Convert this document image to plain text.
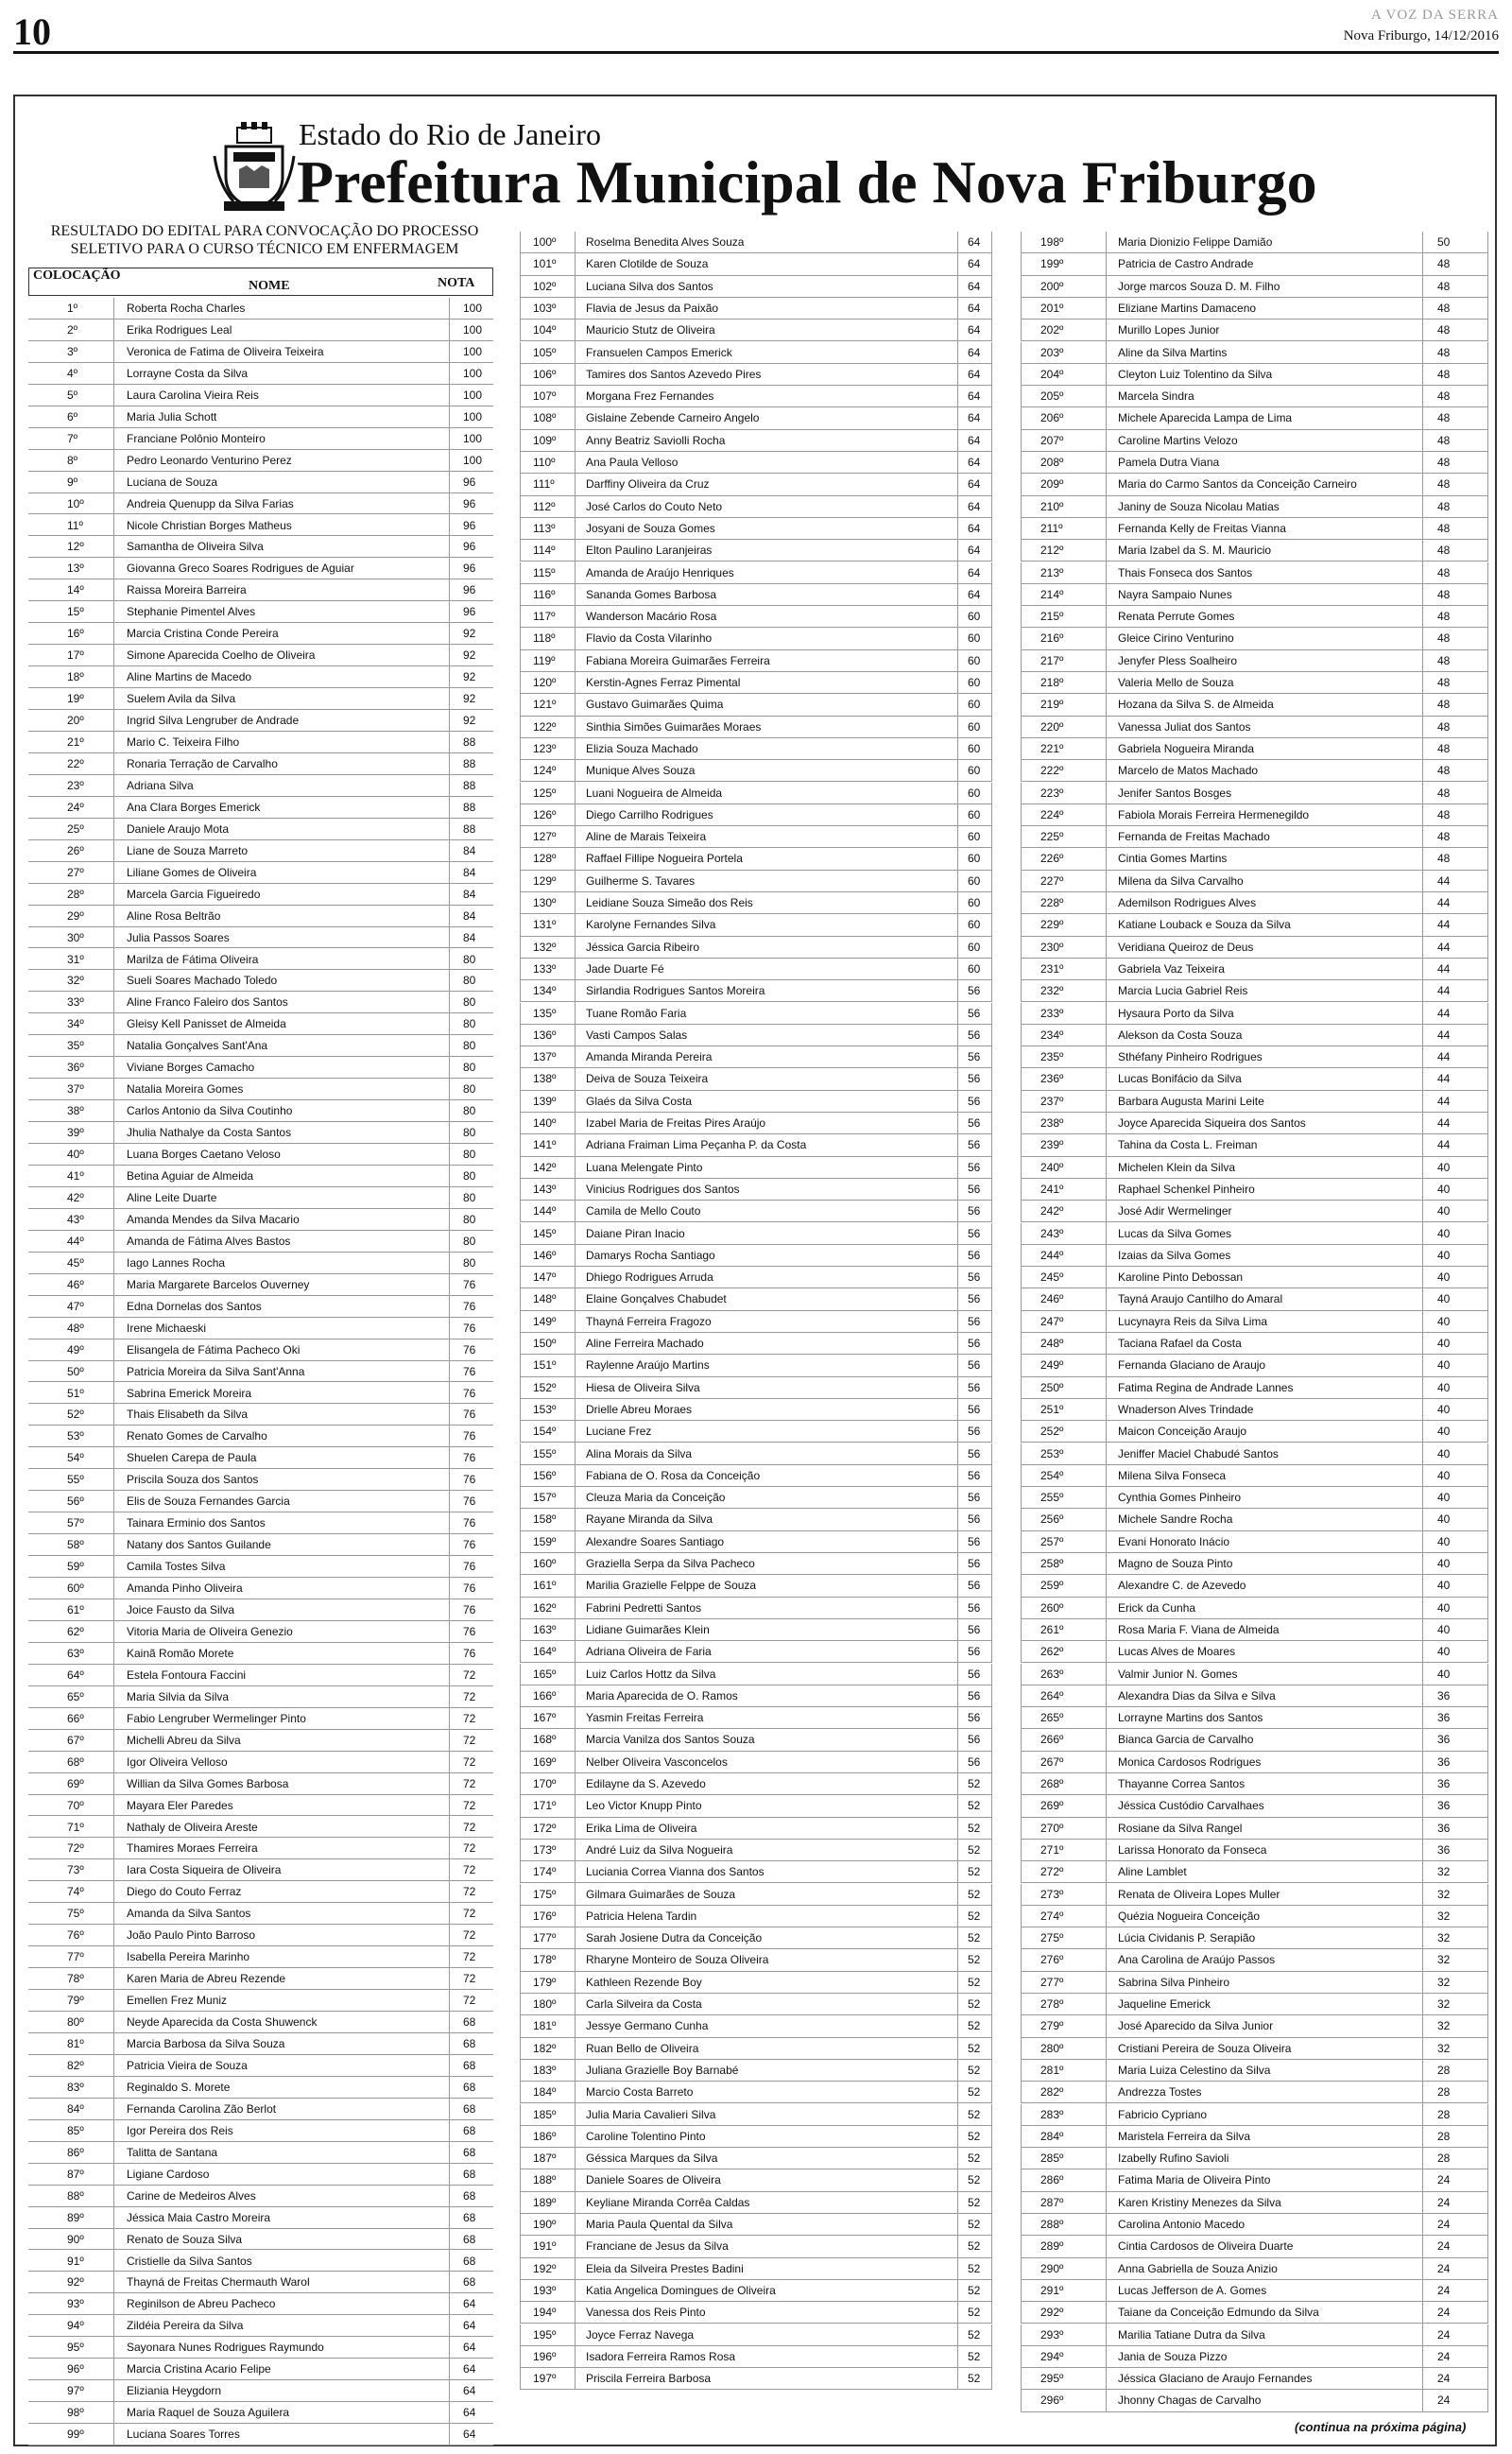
10	A VOZ DA SERRA
Nova Friburgo, 14/12/2016
Estado do Rio de Janeiro
Prefeitura Municipal de Nova Friburgo
RESULTADO DO EDITAL PARA CONVOCAÇÃO DO PROCESSO
SELETIVO PARA O CURSO TÉCNICO EM ENFERMAGEM
COLOCAÇÃO
NOME	NOTA
1º	Roberta Rocha Charles	100
2º	Erika Rodrigues Leal	100
3º	Veronica de Fatima de Oliveira Teixeira	100
4º	Lorrayne Costa da Silva	100
5º	Laura Carolina Vieira Reis	100
6º	Maria Julia Schott	100
7º	Franciane Polônio Monteiro	100
8º	Pedro Leonardo Venturino Perez	100
9º	Luciana de Souza	96
10º	Andreia Quenupp da Silva Farias	96
11º	Nicole Christian Borges Matheus	96
12º	Samantha de Oliveira Silva	96
13º	Giovanna Greco Soares Rodrigues de Aguiar	96
14º	Raissa Moreira Barreira	96
15º	Stephanie Pimentel Alves	96
16º	Marcia Cristina Conde Pereira	92
17º	Simone Aparecida Coelho de Oliveira	92
18º	Aline Martins de Macedo	92
19º	Suelem Avila da Silva	92
20º	Ingrid Silva Lengruber de Andrade	92
21º	Mario C. Teixeira Filho	88
22º	Ronaria Terração de Carvalho	88
23º	Adriana Silva	88
24º	Ana Clara Borges Emerick	88
25º	Daniele Araujo Mota	88
26º	Liane de Souza Marreto	84
27º	Liliane Gomes de Oliveira	84
28º	Marcela Garcia Figueiredo	84
29º	Aline Rosa Beltrão	84
30º	Julia Passos Soares	84
31º	Marilza de Fátima Oliveira	80
32º	Sueli Soares Machado Toledo	80
33º	Aline Franco Faleiro dos Santos	80
34º	Gleisy Kell Panisset de Almeida	80
35º	Natalia Gonçalves Sant'Ana	80
36º	Viviane Borges Camacho	80
37º	Natalia Moreira Gomes	80
38º	Carlos Antonio da Silva Coutinho	80
39º	Jhulia Nathalye da Costa Santos	80
40º	Luana Borges Caetano Veloso	80
41º	Betina Aguiar de Almeida	80
42º	Aline Leite Duarte	80
43º	Amanda Mendes da Silva Macario	80
44º	Amanda de Fátima Alves Bastos	80
45º	Iago Lannes Rocha	80
46º	Maria Margarete Barcelos Ouverney	76
47º	Edna Dornelas dos Santos	76
48º	Irene Michaeski	76
49º	Elisangela de Fátima Pacheco Oki	76
50º	Patricia Moreira da Silva Sant'Anna	76
51º	Sabrina Emerick Moreira	76
52º	Thais Elisabeth da Silva	76
53º	Renato Gomes de Carvalho	76
54º	Shuelen Carepa de Paula	76
55º	Priscila Souza dos Santos	76
56º	Elis de Souza Fernandes Garcia	76
57º	Tainara Erminio dos Santos	76
58º	Natany dos Santos Guilande	76
59º	Camila Tostes Silva	76
60º	Amanda Pinho Oliveira	76
61º	Joice Fausto da Silva	76
62º	Vitoria Maria de Oliveira Genezio	76
63º	Kainã Romão Morete	76
64º	Estela Fontoura Faccini	72
65º	Maria Silvia da Silva	72
66º	Fabio Lengruber Wermelinger Pinto	72
67º	Michelli Abreu da Silva	72
68º	Igor Oliveira Velloso	72
69º	Willian da Silva Gomes Barbosa	72
70º	Mayara Eler Paredes	72
71º	Nathaly de Oliveira Areste	72
72º	Thamires Moraes Ferreira	72
73º	Iara Costa Siqueira de Oliveira	72
74º	Diego do Couto Ferraz	72
75º	Amanda da Silva Santos	72
76º	João Paulo Pinto Barroso	72
77º	Isabella Pereira Marinho	72
78º	Karen Maria de Abreu Rezende	72
79º	Emellen Frez Muniz	72
80º	Neyde Aparecida da Costa Shuwenck	68
81º	Marcia Barbosa da Silva Souza	68
82º	Patricia Vieira de Souza	68
83º	Reginaldo S. Morete	68
84º	Fernanda Carolina Zão Berlot	68
85º	Igor Pereira dos Reis	68
86º	Talitta de Santana	68
87º	Ligiane Cardoso	68
88º	Carine de Medeiros Alves	68
89º	Jéssica Maia Castro Moreira	68
90º	Renato de Souza Silva	68
91º	Cristielle da Silva Santos	68
92º	Thayná de Freitas Chermauth Warol	68
93º	Reginilson de Abreu Pacheco	64
94º	Zildéia Pereira da Silva	64
95º	Sayonara Nunes Rodrigues Raymundo	64
96º	Marcia Cristina Acario Felipe	64
97º	Eliziania Heygdorn	64
98º	Maria Raquel de Souza Aguilera	64
99º	Luciana Soares Torres	64
100º	Roselma Benedita Alves Souza	64
101º	Karen Clotilde de Souza	64
102º	Luciana Silva dos Santos	64
103º	Flavia de Jesus da Paixão	64
104º	Mauricio Stutz de Oliveira	64
105º	Fransuelen Campos Emerick	64
106º	Tamires dos Santos Azevedo Pires	64
107º	Morgana Frez Fernandes	64
108º	Gislaine Zebende Carneiro Angelo	64
109º	Anny Beatriz Saviolli Rocha	64
110º	Ana Paula Velloso	64
111º	Darffiny Oliveira da Cruz	64
112º	José Carlos do Couto Neto	64
113º	Josyani de Souza Gomes	64
114º	Elton Paulino Laranjeiras	64
115º	Amanda de Araújo Henriques	64
116º	Sananda Gomes Barbosa	64
117º	Wanderson Macário Rosa	60
118º	Flavio da Costa Vilarinho	60
119º	Fabiana Moreira Guimarães Ferreira	60
120º	Kerstin-Agnes Ferraz Pimental	60
121º	Gustavo Guimarães Quima	60
122º	Sinthia Simões Guimarães Moraes	60
123º	Elizia Souza Machado	60
124º	Munique Alves Souza	60
125º	Luani Nogueira de Almeida	60
126º	Diego Carrilho Rodrigues	60
127º	Aline de Marais Teixeira	60
128º	Raffael Fillipe Nogueira Portela	60
129º	Guilherme S. Tavares	60
130º	Leidiane Souza Simeão dos Reis	60
131º	Karolyne Fernandes Silva	60
132º	Jéssica Garcia Ribeiro	60
133º	Jade Duarte Fé	60
134º	Sirlandia Rodrigues Santos Moreira	56
135º	Tuane Romão Faria	56
136º	Vasti Campos Salas	56
137º	Amanda Miranda Pereira	56
138º	Deiva de Souza Teixeira	56
139º	Glaés da Silva Costa	56
140º	Izabel Maria de Freitas Pires Araújo	56
141º	Adriana Fraiman Lima Peçanha P. da Costa	56
142º	Luana Melengate Pinto	56
143º	Vinicius Rodrigues dos Santos	56
144º	Camila de Mello Couto	56
145º	Daiane Piran Inacio	56
146º	Damarys Rocha Santiago	56
147º	Dhiego Rodrigues Arruda	56
148º	Elaine Gonçalves Chabudet	56
149º	Thayná Ferreira Fragozo	56
150º	Aline Ferreira Machado	56
151º	Raylenne Araújo Martins	56
152º	Hiesa de Oliveira Silva	56
153º	Drielle Abreu Moraes	56
154º	Luciane Frez	56
155º	Alina Morais da Silva	56
156º	Fabiana de O. Rosa da Conceição	56
157º	Cleuza Maria da Conceição	56
158º	Rayane Miranda da Silva	56
159º	Alexandre Soares Santiago	56
160º	Graziella Serpa da Silva Pacheco	56
161º	Marilia Grazielle Felppe de Souza	56
162º	Fabrini Pedretti Santos	56
163º	Lidiane Guimarães Klein	56
164º	Adriana Oliveira de Faria	56
165º	Luiz Carlos Hottz da Silva	56
166º	Maria Aparecida de O. Ramos	56
167º	Yasmin Freitas Ferreira	56
168º	Marcia Vanilza dos Santos Souza	56
169º	Nelber Oliveira Vasconcelos	56
170º	Edilayne da S. Azevedo	52
171º	Leo Victor Knupp Pinto	52
172º	Erika Lima de Oliveira	52
173º	André Luiz da Silva Nogueira	52
174º	Luciania Correa Vianna dos Santos	52
175º	Gilmara Guimarães de Souza	52
176º	Patricia Helena Tardin	52
177º	Sarah Josiene Dutra da Conceição	52
178º	Rharyne Monteiro de Souza Oliveira	52
179º	Kathleen Rezende Boy	52
180º	Carla Silveira da Costa	52
181º	Jessye Germano Cunha	52
182º	Ruan Bello de Oliveira	52
183º	Juliana Grazielle Boy Barnabé	52
184º	Marcio Costa Barreto	52
185º	Julia Maria Cavalieri Silva	52
186º	Caroline Tolentino Pinto	52
187º	Géssica Marques da Silva	52
188º	Daniele Soares de Oliveira	52
189º	Keyliane Miranda Corrêa Caldas	52
190º	Maria Paula Quental da Silva	52
191º	Franciane de Jesus da Silva	52
192º	Eleia da Silveira Prestes Badini	52
193º	Katia Angelica Domingues de Oliveira	52
194º	Vanessa dos Reis Pinto	52
195º	Joyce Ferraz Navega	52
196º	Isadora Ferreira Ramos Rosa	52
197º	Priscila Ferreira Barbosa	52
198º	Maria Dionizio Felippe Damião	50
199º	Patricia de Castro Andrade	48
200º	Jorge marcos Souza D. M. Filho	48
201º	Eliziane Martins Damaceno	48
202º	Murillo Lopes Junior	48
203º	Aline da Silva Martins	48
204º	Cleyton Luiz Tolentino da Silva	48
205º	Marcela Sindra	48
206º	Michele Aparecida Lampa de Lima	48
207º	Caroline Martins Velozo	48
208º	Pamela Dutra Viana	48
209º	Maria do Carmo Santos da Conceição Carneiro	48
210º	Janiny de Souza Nicolau Matias	48
211º	Fernanda Kelly de Freitas Vianna	48
212º	Maria Izabel da S. M. Mauricio	48
213º	Thais Fonseca dos Santos	48
214º	Nayra Sampaio Nunes	48
215º	Renata Perrute Gomes	48
216º	Gleice Cirino Venturino	48
217º	Jenyfer Pless Soalheiro	48
218º	Valeria Mello de Souza	48
219º	Hozana da Silva S. de Almeida	48
220º	Vanessa Juliat dos Santos	48
221º	Gabriela Nogueira Miranda	48
222º	Marcelo de Matos Machado	48
223º	Jenifer Santos Bosges	48
224º	Fabiola Morais Ferreira Hermenegildo	48
225º	Fernanda de Freitas Machado	48
226º	Cintia Gomes Martins	48
227º	Milena da Silva Carvalho	44
228º	Ademilson Rodrigues Alves	44
229º	Katiane Louback e Souza da Silva	44
230º	Veridiana Queiroz de Deus	44
231º	Gabriela Vaz Teixeira	44
232º	Marcia Lucia Gabriel Reis	44
233º	Hysaura Porto da Silva	44
234º	Alekson da Costa Souza	44
235º	Sthéfany Pinheiro Rodrigues	44
236º	Lucas Bonifácio da Silva	44
237º	Barbara Augusta Marini Leite	44
238º	Joyce Aparecida Siqueira dos Santos	44
239º	Tahina da Costa L. Freiman	44
240º	Michelen Klein da Silva	40
241º	Raphael Schenkel Pinheiro	40
242º	José Adir Wermelinger	40
243º	Lucas da Silva Gomes	40
244º	Izaias da Silva Gomes	40
245º	Karoline Pinto Debossan	40
246º	Tayná Araujo Cantilho do Amaral	40
247º	Lucynayra Reis da Silva Lima	40
248º	Taciana Rafael da Costa	40
249º	Fernanda Glaciano de Araujo	40
250º	Fatima Regina de Andrade Lannes	40
251º	Wnaderson Alves Trindade	40
252º	Maicon Conceição Araujo	40
253º	Jeniffer Maciel Chabudé Santos	40
254º	Milena Silva Fonseca	40
255º	Cynthia Gomes Pinheiro	40
256º	Michele Sandre Rocha	40
257º	Evani Honorato Inácio	40
258º	Magno de Souza Pinto	40
259º	Alexandre C. de Azevedo	40
260º	Erick da Cunha	40
261º	Rosa Maria F. Viana de Almeida	40
262º	Lucas Alves de Moares	40
263º	Valmir Junior N. Gomes	40
264º	Alexandra Dias da Silva e Silva	36
265º	Lorrayne Martins dos Santos	36
266º	Bianca Garcia de Carvalho	36
267º	Monica Cardosos Rodrigues	36
268º	Thayanne Correa Santos	36
269º	Jéssica Custódio Carvalhaes	36
270º	Rosiane da Silva Rangel	36
271º	Larissa Honorato da Fonseca	36
272º	Aline Lamblet	32
273º	Renata de Oliveira Lopes Muller	32
274º	Quézia Nogueira Conceição	32
275º	Lúcia Cividanis P. Serapião	32
276º	Ana Carolina de Araújo Passos	32
277º	Sabrina Silva Pinheiro	32
278º	Jaqueline Emerick	32
279º	José Aparecido da Silva Junior	32
280º	Cristiani Pereira de Souza Oliveira	32
281º	Maria Luiza Celestino da Silva	28
282º	Andrezza Tostes	28
283º	Fabricio Cypriano	28
284º	Maristela Ferreira da Silva	28
285º	Izabelly Rufino Savioli	28
286º	Fatima Maria de Oliveira Pinto	24
287º	Karen Kristiny Menezes da Silva	24
288º	Carolina Antonio Macedo	24
289º	Cintia Cardosos de Oliveira Duarte	24
290º	Anna Gabriella de Souza Anizio	24
291º	Lucas Jefferson de A. Gomes	24
292º	Taiane da Conceição Edmundo da Silva	24
293º	Marilia Tatiane Dutra da Silva	24
294º	Jania de Souza Pizzo	24
295º	Jéssica Glaciano de Araujo Fernandes	24
296º	Jhonny Chagas de Carvalho	24
(continua na próxima página)
